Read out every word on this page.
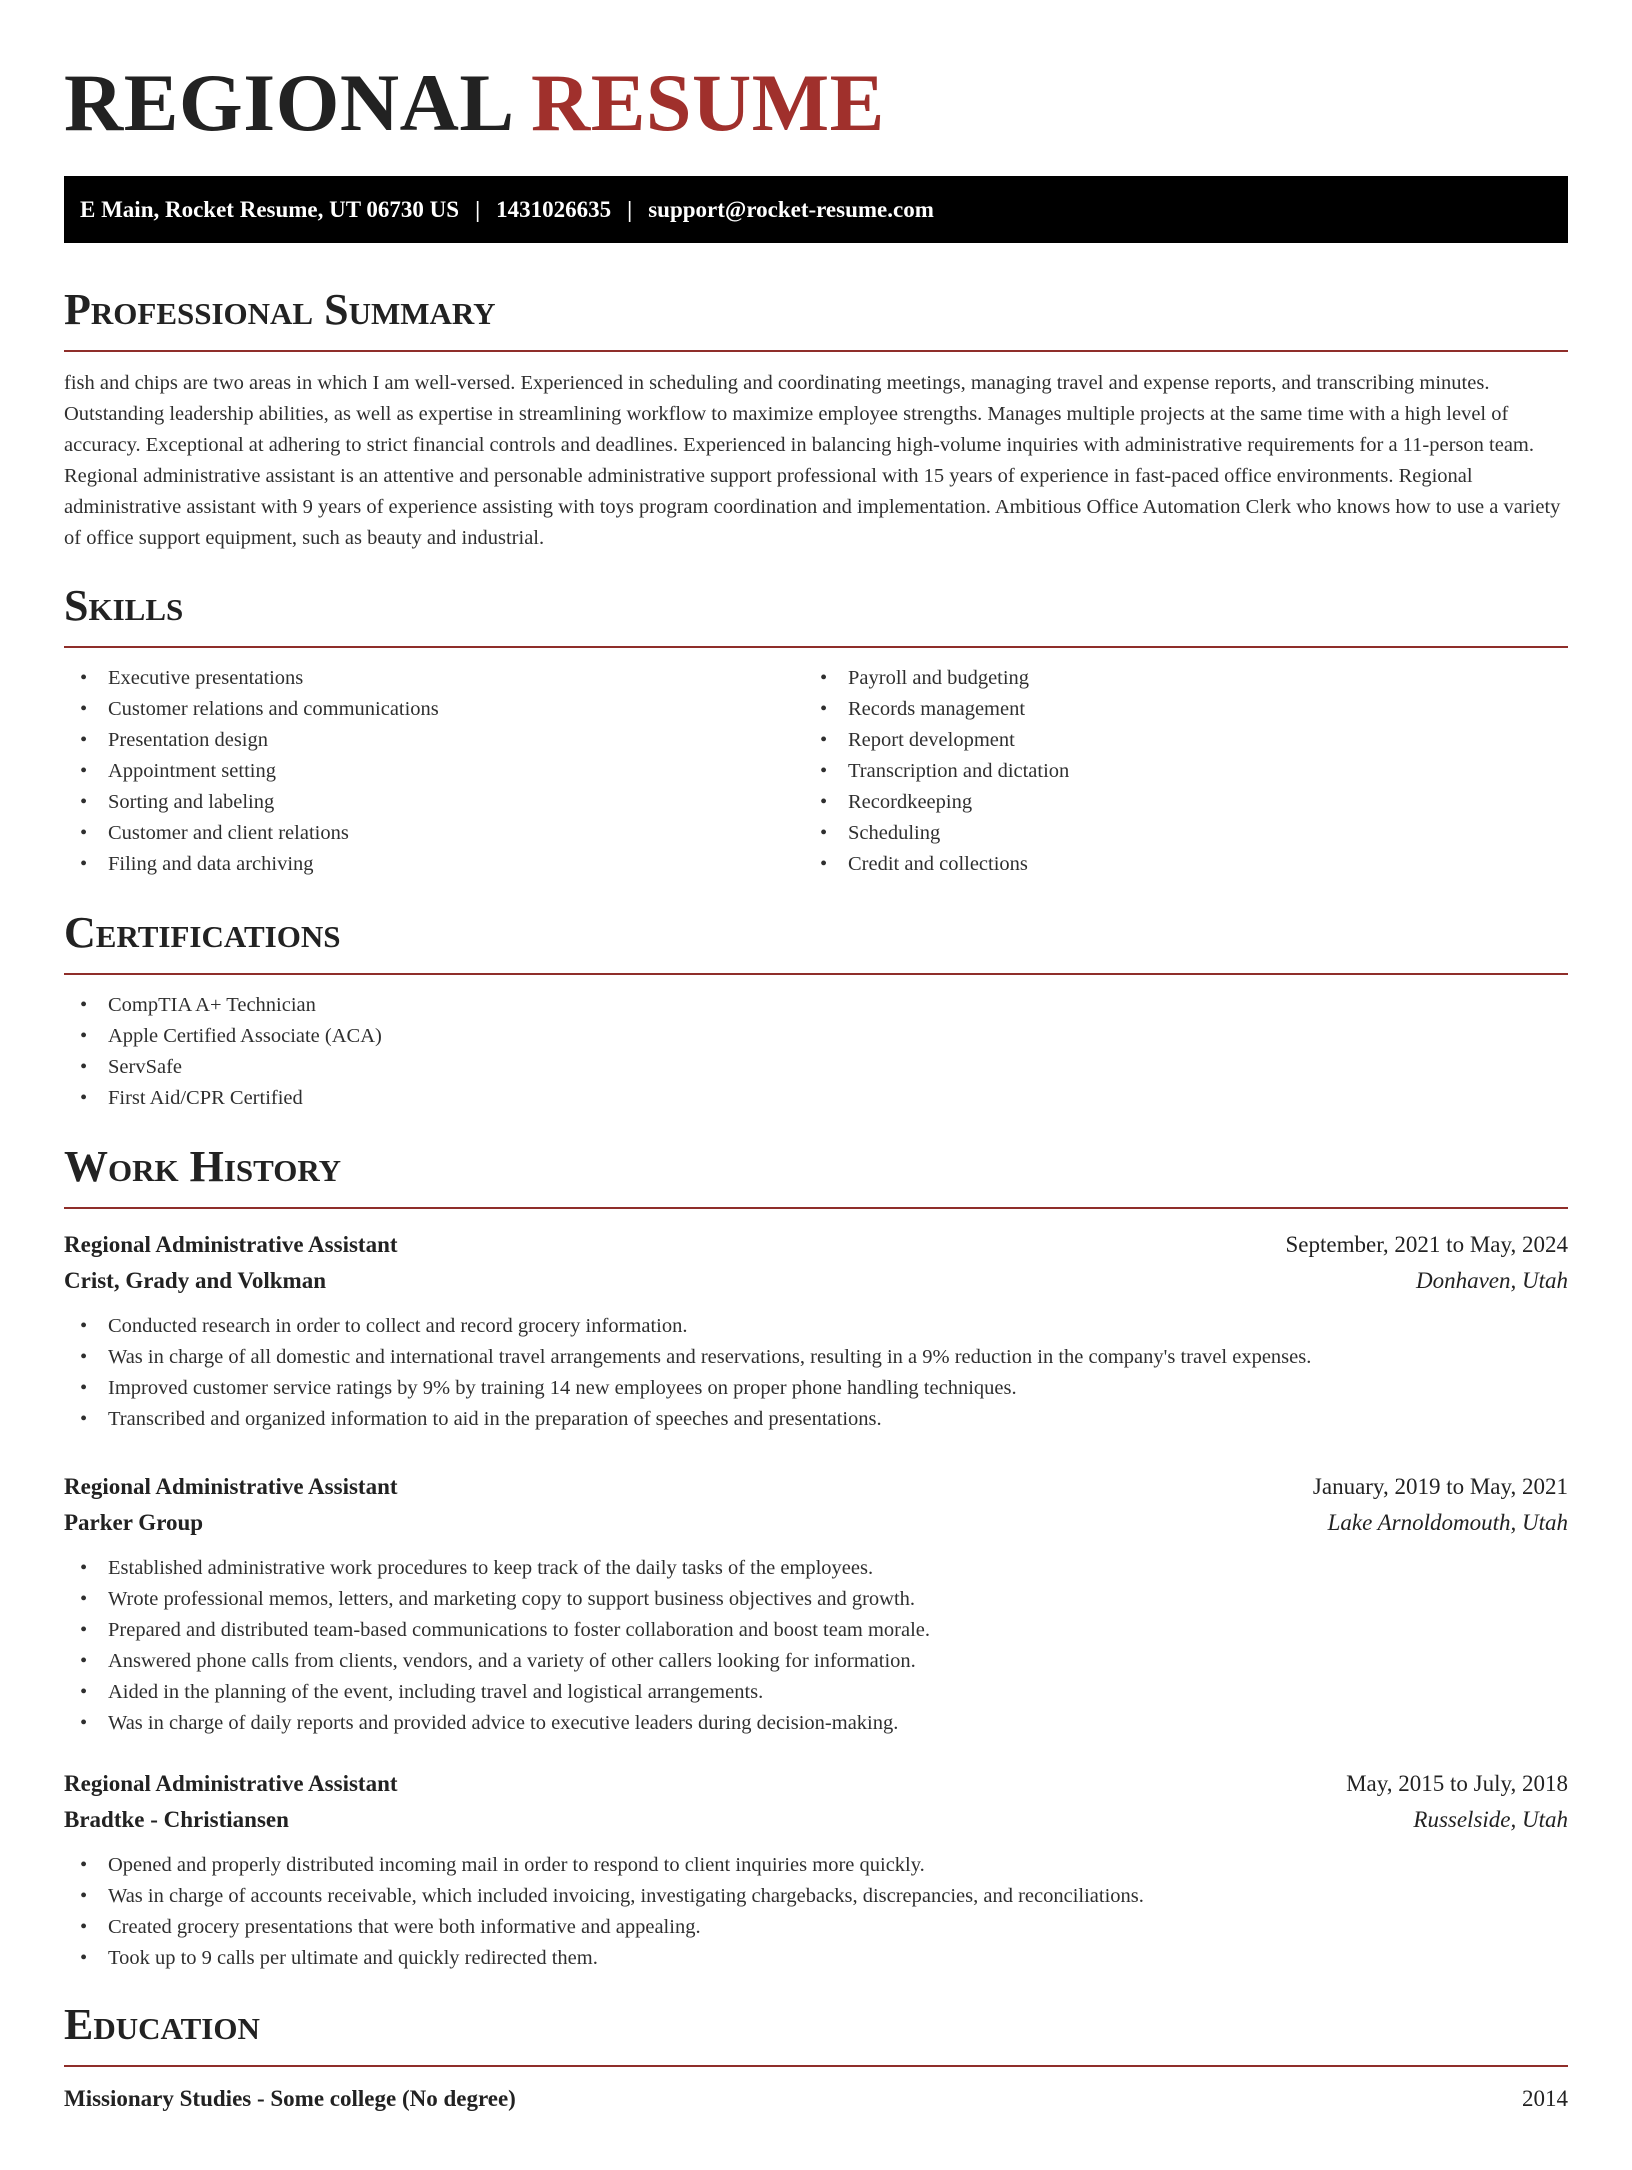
REGIONAL RESUME
E Main, Rocket Resume, UT 06730 US | 1431026635 | support@rocket-resume.com
Professional Summary

fish and chips are two areas in which I am well-versed. Experienced in scheduling and coordinating meetings, managing travel and expense reports, and transcribing minutes. Outstanding leadership abilities, as well as expertise in streamlining workflow to maximize employee strengths. Manages multiple projects at the same time with a high level of accuracy. Exceptional at adhering to strict financial controls and deadlines. Experienced in balancing high-volume inquiries with administrative requirements for a 11-person team. Regional administrative assistant is an attentive and personable administrative support professional with 15 years of experience in fast-paced office environments. Regional administrative assistant with 9 years of experience assisting with toys program coordination and implementation. Ambitious Office Automation Clerk who knows how to use a variety of office support equipment, such as beauty and industrial.

Skills
• Executive presentations
• Customer relations and communications
• Presentation design
• Appointment setting
• Sorting and labeling
• Customer and client relations
• Filing and data archiving
• Payroll and budgeting
• Records management
• Report development
• Transcription and dictation
• Recordkeeping
• Scheduling
• Credit and collections
Certifications
• CompTIA A+ Technician
• Apple Certified Associate (ACA)
• ServSafe
• First Aid/CPR Certified
Work History
Regional Administrative Assistant	September, 2021 to May, 2024
Crist, Grady and Volkman	Donhaven, Utah
• Conducted research in order to collect and record grocery information.
• Was in charge of all domestic and international travel arrangements and reservations, resulting in a 9% reduction in the company's travel expenses.
• Improved customer service ratings by 9% by training 14 new employees on proper phone handling techniques.
• Transcribed and organized information to aid in the preparation of speeches and presentations.
Regional Administrative Assistant	January, 2019 to May, 2021
Parker Group	Lake Arnoldomouth, Utah
• Established administrative work procedures to keep track of the daily tasks of the employees.
• Wrote professional memos, letters, and marketing copy to support business objectives and growth.
• Prepared and distributed team-based communications to foster collaboration and boost team morale.
• Answered phone calls from clients, vendors, and a variety of other callers looking for information.
• Aided in the planning of the event, including travel and logistical arrangements.
• Was in charge of daily reports and provided advice to executive leaders during decision-making.
Regional Administrative Assistant	May, 2015 to July, 2018
Bradtke - Christiansen	Russelside, Utah
• Opened and properly distributed incoming mail in order to respond to client inquiries more quickly.
• Was in charge of accounts receivable, which included invoicing, investigating chargebacks, discrepancies, and reconciliations.
• Created grocery presentations that were both informative and appealing.
• Took up to 9 calls per ultimate and quickly redirected them.
Education
Missionary Studies - Some college (No degree)	2014
